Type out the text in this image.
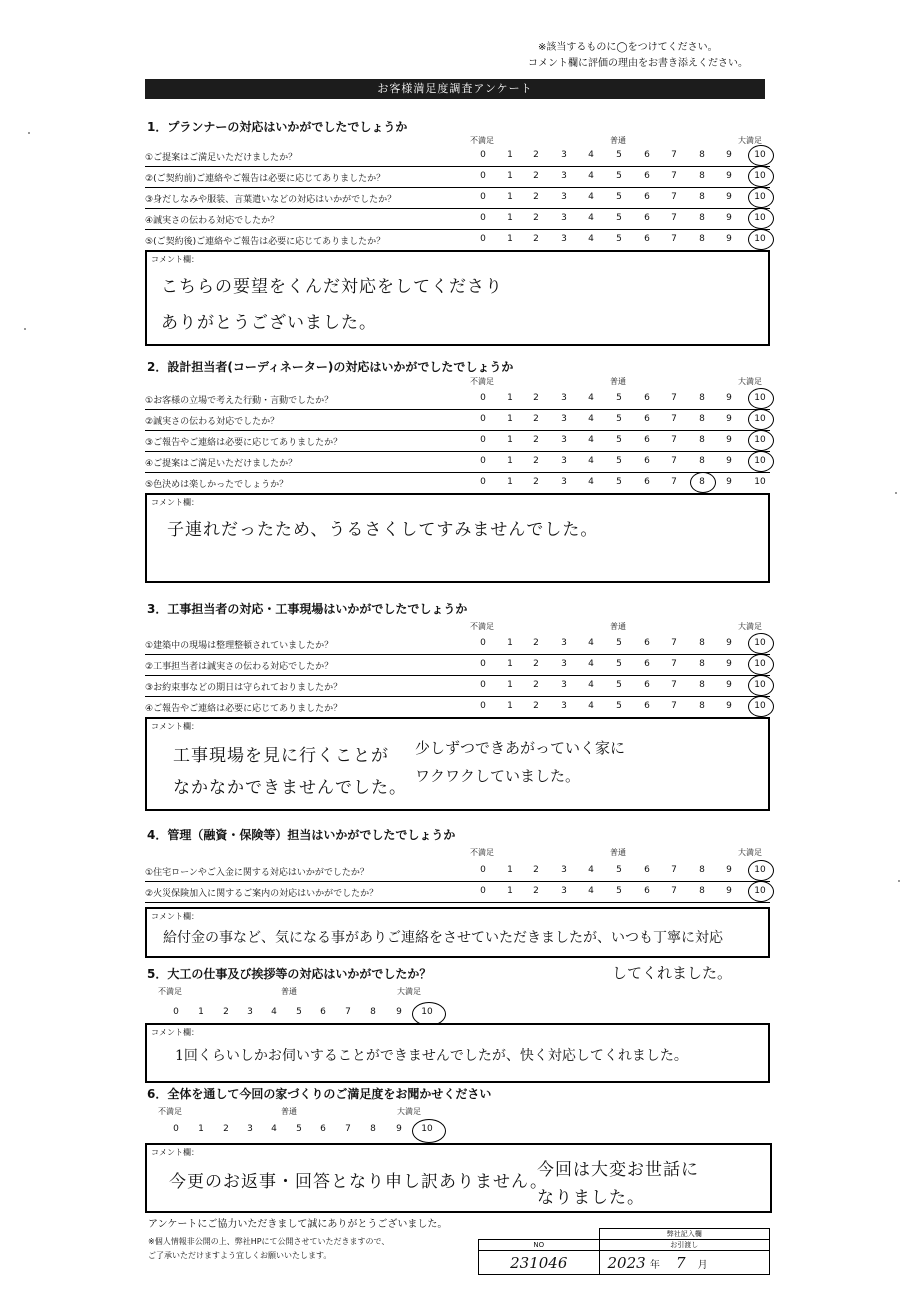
※該当するものに◯をつけてください。
コメント欄に評価の理由をお書き添えください。
お客様満足度調査アンケート
1．プランナーの対応はいかがでしたでしょうか
不満足	普通	大満足
①ご提案はご満足いただけましたか？	0	1	2	3	4	5	6	7	8	9	10
②(ご契約前)ご連絡やご報告は必要に応じてありましたか？	0	1	2	3	4	5	6	7	8	9	10
③身だしなみや服装、言葉遣いなどの対応はいかがでしたか？	0	1	2	3	4	5	6	7	8	9	10
④誠実さの伝わる対応でしたか？	0	1	2	3	4	5	6	7	8	9	10
⑤(ご契約後)ご連絡やご報告は必要に応じてありましたか？	0	1	2	3	4	5	6	7	8	9	10
コメント欄：
こちらの要望をくんだ対応をしてくださり
ありがとうございました。
2．設計担当者(コーディネーター)の対応はいかがでしたでしょうか
不満足	普通	大満足
①お客様の立場で考えた行動・言動でしたか？	0	1	2	3	4	5	6	7	8	9	10
②誠実さの伝わる対応でしたか？	0	1	2	3	4	5	6	7	8	9	10
③ご報告やご連絡は必要に応じてありましたか？	0	1	2	3	4	5	6	7	8	9	10
④ご提案はご満足いただけましたか？	0	1	2	3	4	5	6	7	8	9	10
⑤色決めは楽しかったでしょうか？	0	1	2	3	4	5	6	7	8	9	10
コメント欄：
子連れだったため、うるさくしてすみませんでした。
3．工事担当者の対応・工事現場はいかがでしたでしょうか
不満足	普通	大満足
①建築中の現場は整理整頓されていましたか？	0	1	2	3	4	5	6	7	8	9	10
②工事担当者は誠実さの伝わる対応でしたか？	0	1	2	3	4	5	6	7	8	9	10
③お約束事などの期日は守られておりましたか？	0	1	2	3	4	5	6	7	8	9	10
④ご報告やご連絡は必要に応じてありましたか？	0	1	2	3	4	5	6	7	8	9	10
コメント欄：
工事現場を見に行くことが
なかなかできませんでした。
少しずつできあがっていく家に
ワクワクしていました。
4．管理（融資・保険等）担当はいかがでしたでしょうか
不満足	普通	大満足
①住宅ローンやご入金に関する対応はいかがでしたか？	0	1	2	3	4	5	6	7	8	9	10
②火災保険加入に関するご案内の対応はいかがでしたか？	0	1	2	3	4	5	6	7	8	9	10
コメント欄：
給付金の事など、気になる事がありご連絡をさせていただきましたが、いつも丁寧に対応
してくれました。
5．大工の仕事及び挨拶等の対応はいかがでしたか？
不満足	普通	大満足
0	1	2	3	4	5	6	7	8	9	10
コメント欄：
1回くらいしかお伺いすることができませんでしたが、快く対応してくれました。
6．全体を通して今回の家づくりのご満足度をお聞かせください
不満足	普通	大満足
0	1	2	3	4	5	6	7	8	9	10
コメント欄：
今更のお返事・回答となり申し訳ありません。
今回は大変お世話に
なりました。
アンケートにご協力いただきまして誠にありがとうございました。
※個人情報非公開の上、弊社HPにて公開させていただきますので、
ご了承いただけますよう宜しくお願いいたします。
	弊社記入欄
NO	お引渡し
231046	2023 年 7 月
